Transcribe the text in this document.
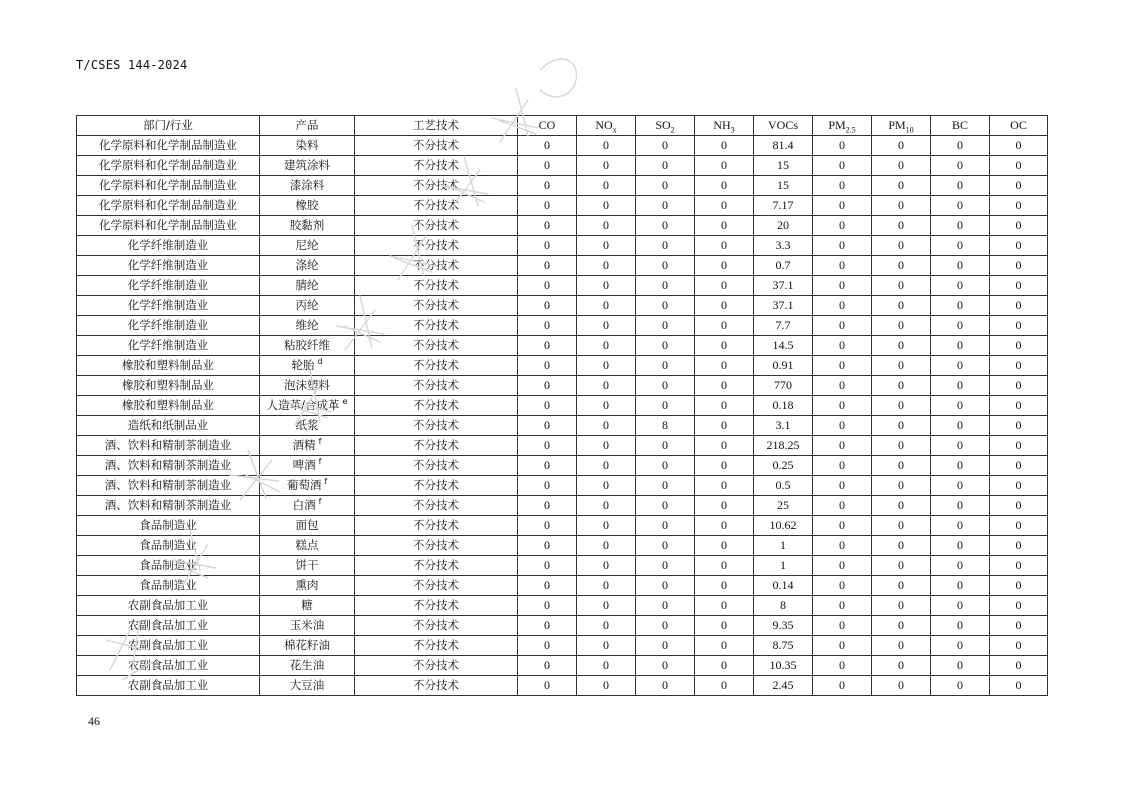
T/CSES 144-2024
部门/行业	产品	工艺技术	CO	$NO_x$	$SO_2$	$NH_3$	VOCs	$PM_{2.5}$	$PM_{10}$	BC	OC
化学原料和化学制品制造业	染料	不分技术	0	0	0	0	81.4	0	0	0	0
化学原料和化学制品制造业	建筑涂料	不分技术	0	0	0	0	15	0	0	0	0
化学原料和化学制品制造业	漆涂料	不分技术	0	0	0	0	15	0	0	0	0
化学原料和化学制品制造业	橡胶	不分技术	0	0	0	0	7.17	0	0	0	0
化学原料和化学制品制造业	胶黏剂	不分技术	0	0	0	0	20	0	0	0	0
化学纤维制造业	尼纶	不分技术	0	0	0	0	3.3	0	0	0	0
化学纤维制造业	涤纶	不分技术	0	0	0	0	0.7	0	0	0	0
化学纤维制造业	腈纶	不分技术	0	0	0	0	37.1	0	0	0	0
化学纤维制造业	丙纶	不分技术	0	0	0	0	37.1	0	0	0	0
化学纤维制造业	维纶	不分技术	0	0	0	0	7.7	0	0	0	0
化学纤维制造业	粘胶纤维	不分技术	0	0	0	0	14.5	0	0	0	0
橡胶和塑料制品业	轮胎 $^d$	不分技术	0	0	0	0	0.91	0	0	0	0
橡胶和塑料制品业	泡沫塑料	不分技术	0	0	0	0	770	0	0	0	0
橡胶和塑料制品业	人造革/合成革 $^e$	不分技术	0	0	0	0	0.18	0	0	0	0
造纸和纸制品业	纸浆	不分技术	0	0	8	0	3.1	0	0	0	0
酒、饮料和精制茶制造业	酒精 $^f$	不分技术	0	0	0	0	218.25	0	0	0	0
酒、饮料和精制茶制造业	啤酒 $^f$	不分技术	0	0	0	0	0.25	0	0	0	0
酒、饮料和精制茶制造业	葡萄酒 $^f$	不分技术	0	0	0	0	0.5	0	0	0	0
酒、饮料和精制茶制造业	白酒 $^f$	不分技术	0	0	0	0	25	0	0	0	0
食品制造业	面包	不分技术	0	0	0	0	10.62	0	0	0	0
食品制造业	糕点	不分技术	0	0	0	0	1	0	0	0	0
食品制造业	饼干	不分技术	0	0	0	0	1	0	0	0	0
食品制造业	熏肉	不分技术	0	0	0	0	0.14	0	0	0	0
农副食品加工业	糖	不分技术	0	0	0	0	8	0	0	0	0
农副食品加工业	玉米油	不分技术	0	0	0	0	9.35	0	0	0	0
农副食品加工业	棉花籽油	不分技术	0	0	0	0	8.75	0	0	0	0
农副食品加工业	花生油	不分技术	0	0	0	0	10.35	0	0	0	0
农副食品加工业	大豆油	不分技术	0	0	0	0	2.45	0	0	0	0
46
